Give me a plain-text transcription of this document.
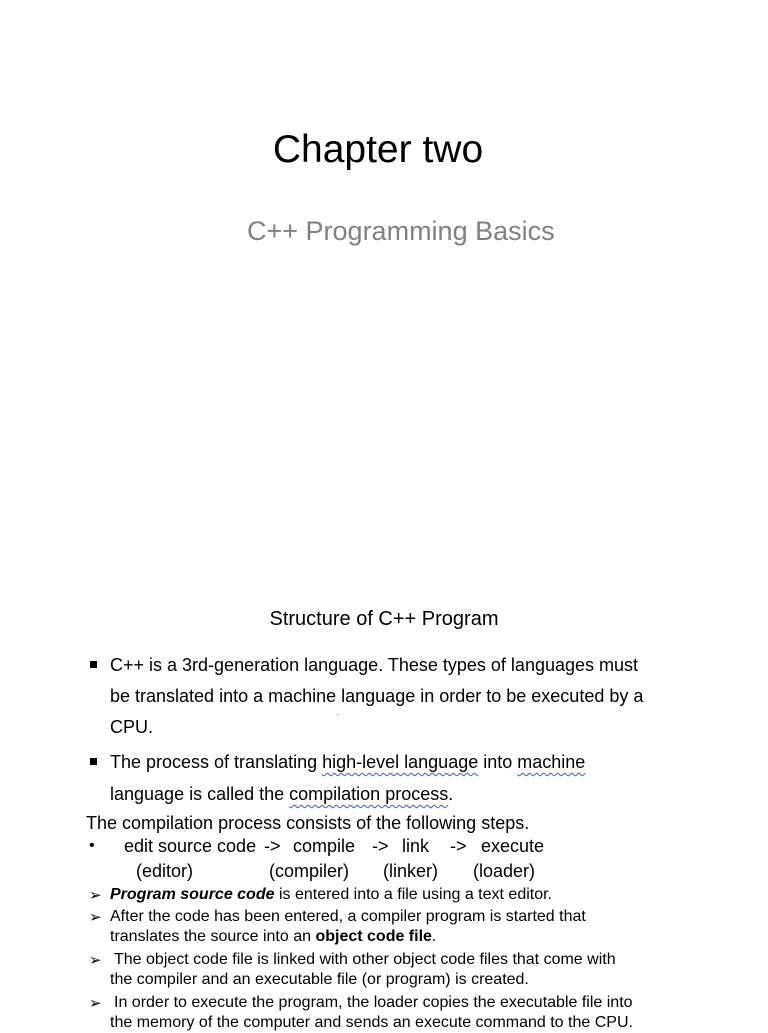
Chapter two
C++ Programming Basics
Structure of C++ Program
C++ is a 3rd-generation language. These types of languages must
be translated into a machine language in order to be executed by a
CPU.
The process of translating high-level language into machine
language is called the compilation process.
The compilation process consists of the following steps.
• edit source code -> compile -> link -> execute
(editor)	(compiler) (linker) (loader)
➢ Program source code is entered into a file using a text editor.
➢ After the code has been entered, a compiler program is started that
translates the source into an object code file.
➢ The object code file is linked with other object code files that come with
the compiler and an executable file (or program) is created.
➢ In order to execute the program, the loader copies the executable file into
the memory of the computer and sends an execute command to the CPU.
